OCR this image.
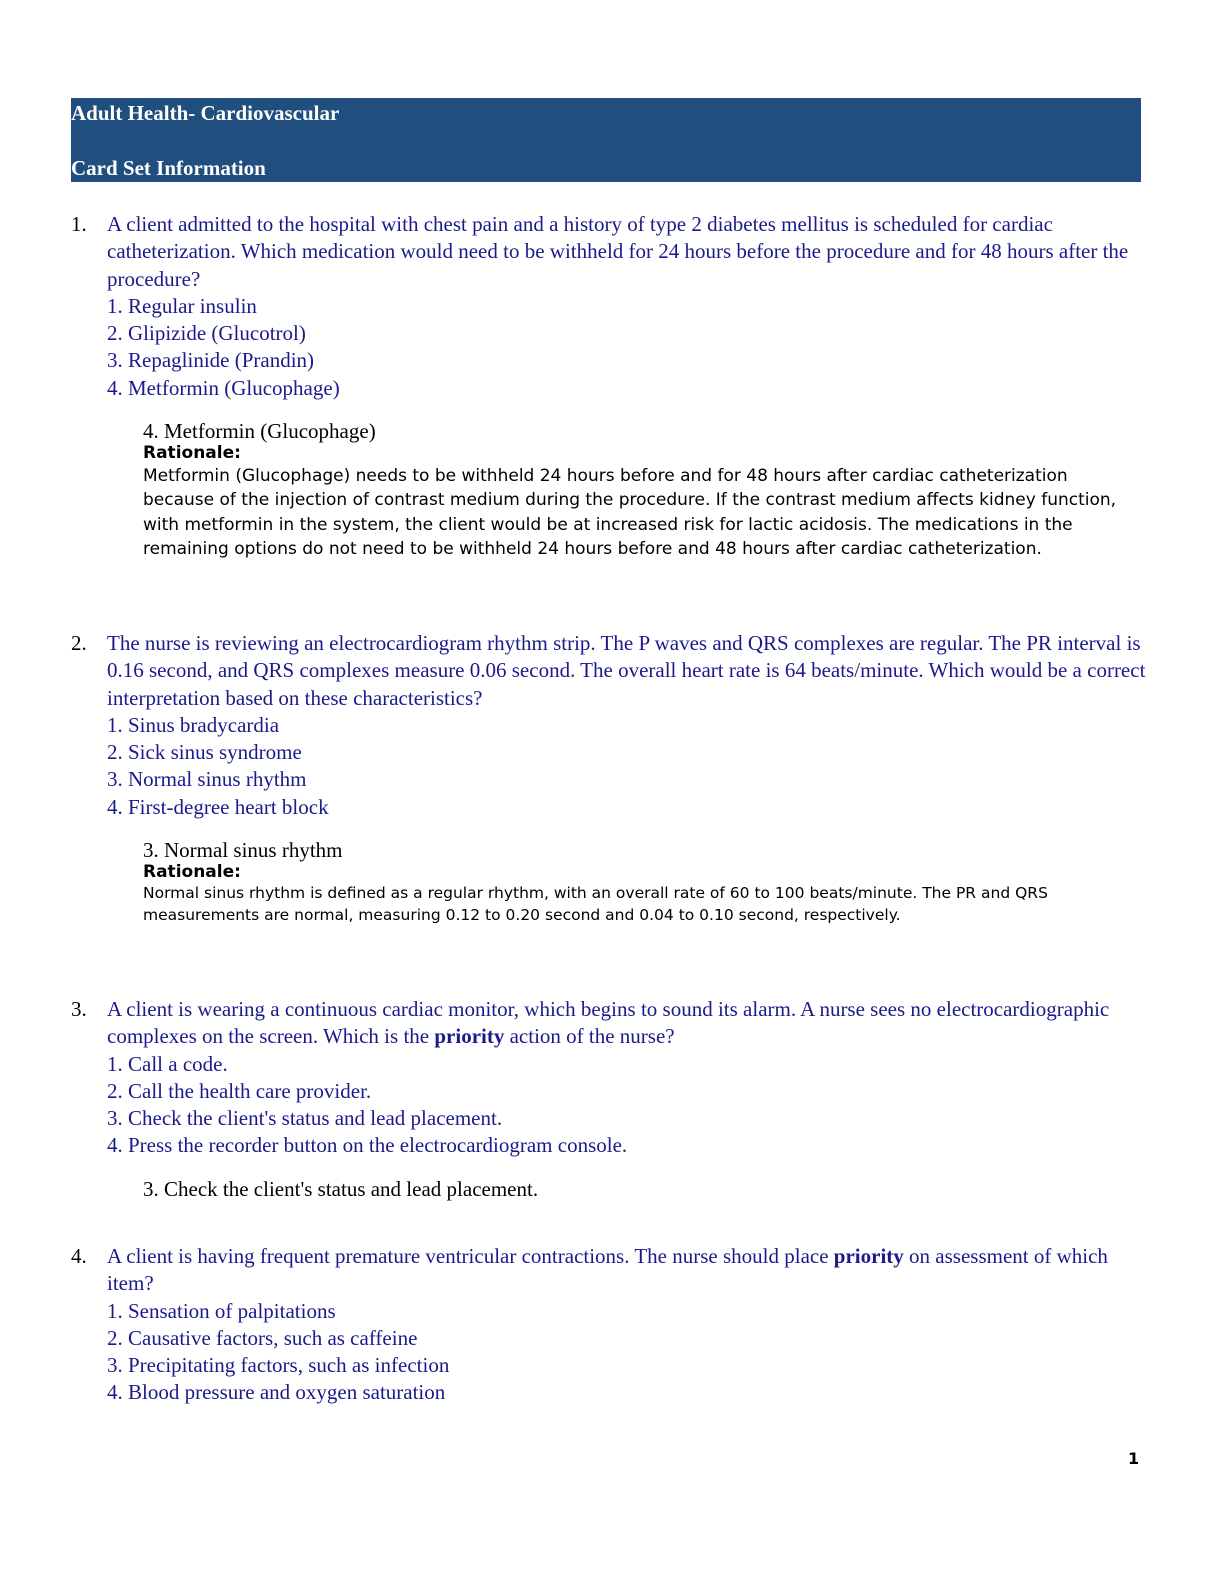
Adult Health- Cardiovascular
Card Set Information
1. A client admitted to the hospital with chest pain and a history of type 2 diabetes mellitus is scheduled for cardiac catheterization. Which medication would need to be withheld for 24 hours before the procedure and for 48 hours after the procedure?
1. Regular insulin
2. Glipizide (Glucotrol)
3. Repaglinide (Prandin)
4. Metformin (Glucophage)
4. Metformin (Glucophage)
Rationale:
Metformin (Glucophage) needs to be withheld 24 hours before and for 48 hours after cardiac catheterization because of the injection of contrast medium during the procedure. If the contrast medium affects kidney function, with metformin in the system, the client would be at increased risk for lactic acidosis. The medications in the remaining options do not need to be withheld 24 hours before and 48 hours after cardiac catheterization.
2. The nurse is reviewing an electrocardiogram rhythm strip. The P waves and QRS complexes are regular. The PR interval is 0.16 second, and QRS complexes measure 0.06 second. The overall heart rate is 64 beats/minute. Which would be a correct interpretation based on these characteristics?
1. Sinus bradycardia
2. Sick sinus syndrome
3. Normal sinus rhythm
4. First-degree heart block
3. Normal sinus rhythm
Rationale:
Normal sinus rhythm is defined as a regular rhythm, with an overall rate of 60 to 100 beats/minute. The PR and QRS measurements are normal, measuring 0.12 to 0.20 second and 0.04 to 0.10 second, respectively.
3. A client is wearing a continuous cardiac monitor, which begins to sound its alarm. A nurse sees no electrocardiographic complexes on the screen. Which is the priority action of the nurse?
1. Call a code.
2. Call the health care provider.
3. Check the client's status and lead placement.
4. Press the recorder button on the electrocardiogram console.
3. Check the client's status and lead placement.
4. A client is having frequent premature ventricular contractions. The nurse should place priority on assessment of which item?
1. Sensation of palpitations
2. Causative factors, such as caffeine
3. Precipitating factors, such as infection
4. Blood pressure and oxygen saturation
1
